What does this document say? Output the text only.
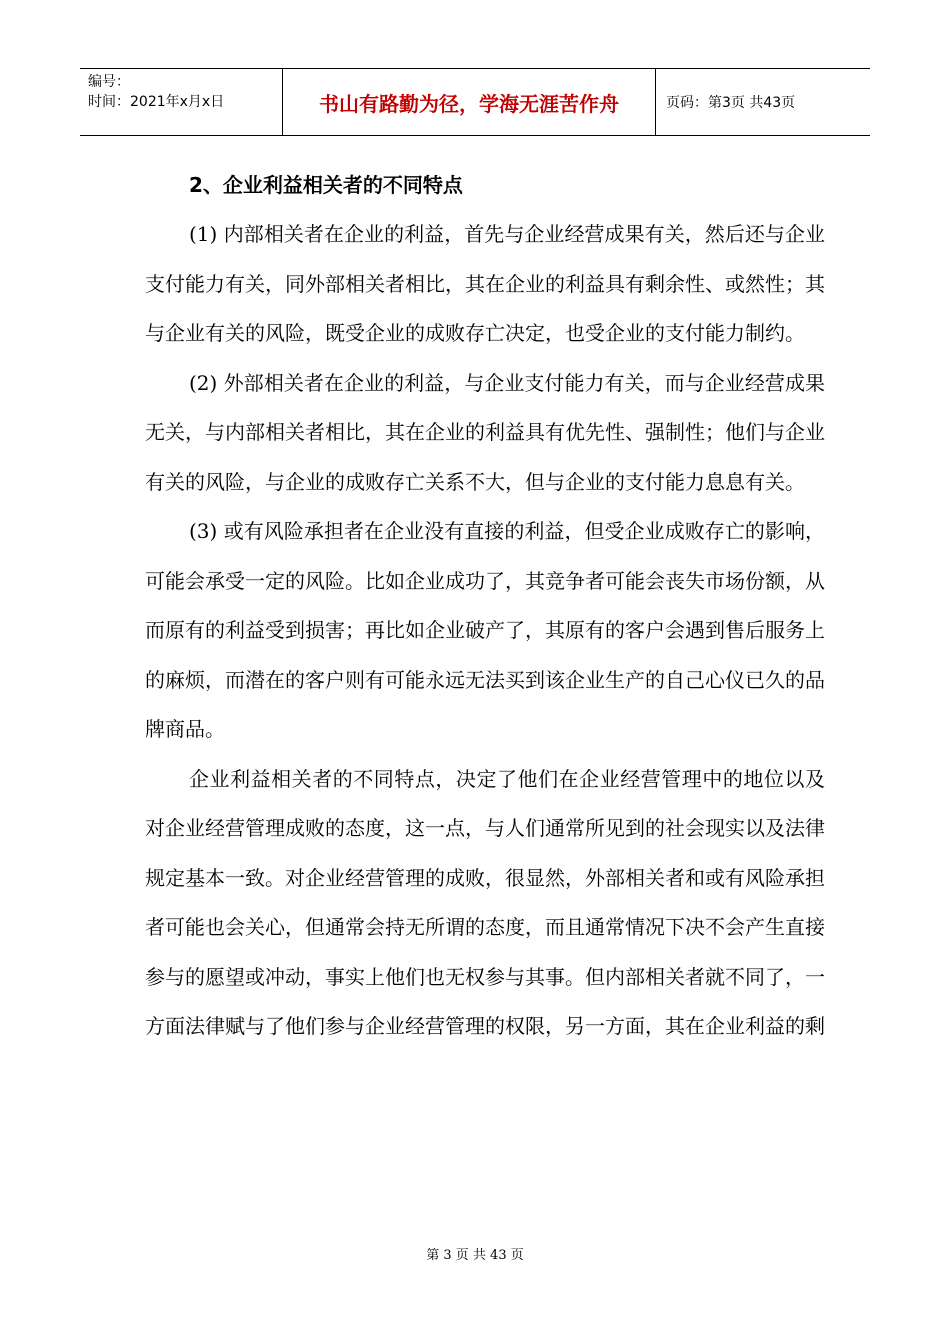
编号：
时间：2021年x月x日	书山有路勤为径，学海无涯苦作舟	页码：第3页 共43页
2、企业利益相关者的不同特点

(1) 内部相关者在企业的利益，首先与企业经营成果有关，然后还与企业支付能力有关，同外部相关者相比，其在企业的利益具有剩余性、或然性；其与企业有关的风险，既受企业的成败存亡决定，也受企业的支付能力制约。

(2) 外部相关者在企业的利益，与企业支付能力有关，而与企业经营成果无关，与内部相关者相比，其在企业的利益具有优先性、强制性；他们与企业有关的风险，与企业的成败存亡关系不大，但与企业的支付能力息息有关。

(3) 或有风险承担者在企业没有直接的利益，但受企业成败存亡的影响，可能会承受一定的风险。比如企业成功了，其竞争者可能会丧失市场份额，从而原有的利益受到损害；再比如企业破产了，其原有的客户会遇到售后服务上的麻烦，而潜在的客户则有可能永远无法买到该企业生产的自己心仪已久的品牌商品。

企业利益相关者的不同特点，决定了他们在企业经营管理中的地位以及对企业经营管理成败的态度，这一点，与人们通常所见到的社会现实以及法律规定基本一致。对企业经营管理的成败，很显然，外部相关者和或有风险承担者可能也会关心，但通常会持无所谓的态度，而且通常情况下决不会产生直接参与的愿望或冲动，事实上他们也无权参与其事。但内部相关者就不同了，一方面法律赋与了他们参与企业经营管理的权限，另一方面，其在企业利益的剩

第 3 页 共 43 页
